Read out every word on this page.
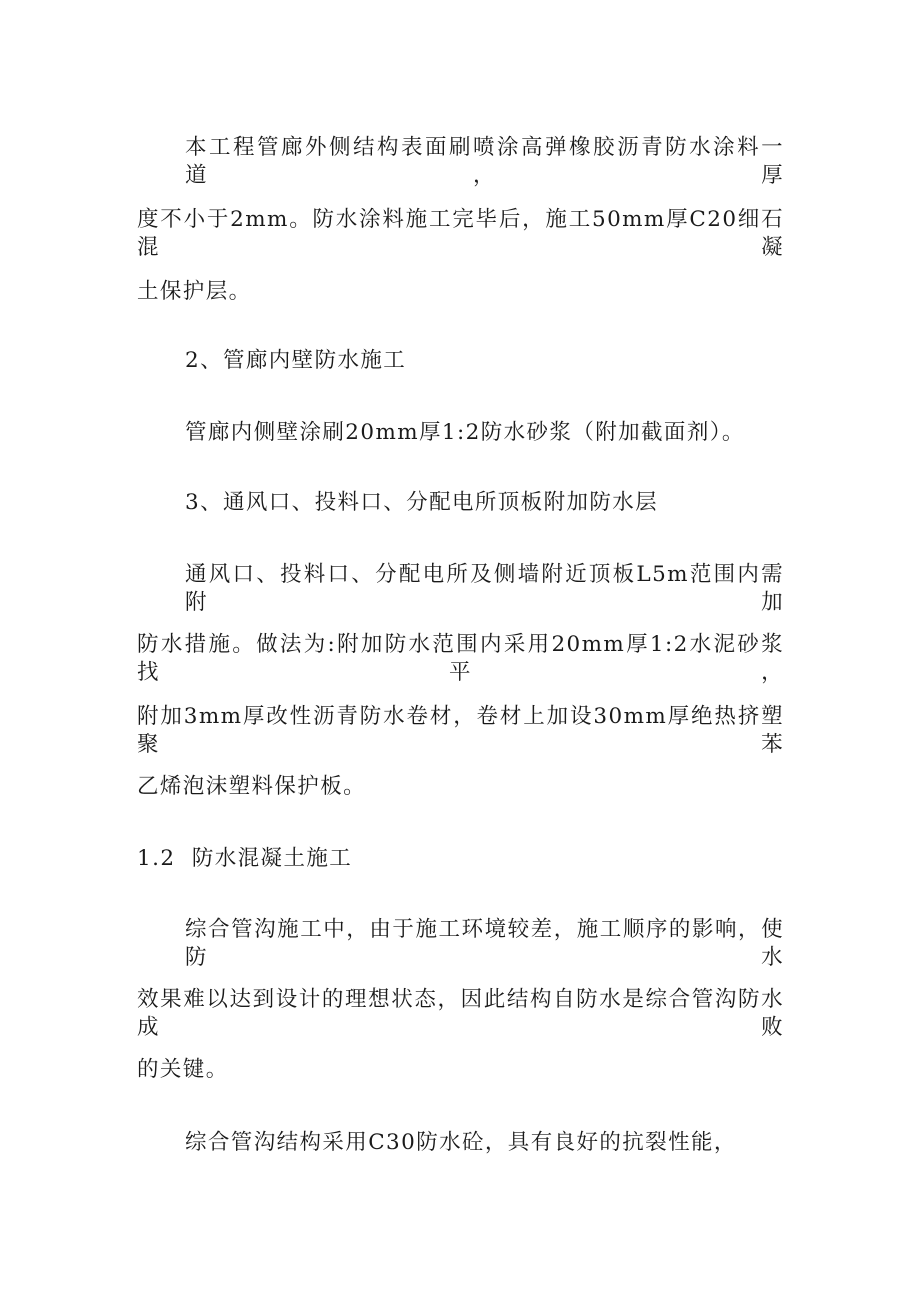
本工程管廊外侧结构表面刷喷涂高弹橡胶沥青防水涂料一道，厚
度不小于2mm。防水涂料施工完毕后，施工50mm厚C20细石混凝
土保护层。
2、管廊内壁防水施工
管廊内侧壁涂刷20mm厚1:2防水砂浆（附加截面剂）。
3、通风口、投料口、分配电所顶板附加防水层
通风口、投料口、分配电所及侧墙附近顶板L5m范围内需附加
防水措施。做法为:附加防水范围内采用20mm厚1:2水泥砂浆找平，
附加3mm厚改性沥青防水卷材，卷材上加设30mm厚绝热挤塑聚苯
乙烯泡沫塑料保护板。
1.2  防水混凝土施工
综合管沟施工中，由于施工环境较差，施工顺序的影响，使防水
效果难以达到设计的理想状态，因此结构自防水是综合管沟防水成败
的关键。
综合管沟结构采用C30防水砼，具有良好的抗裂性能，
